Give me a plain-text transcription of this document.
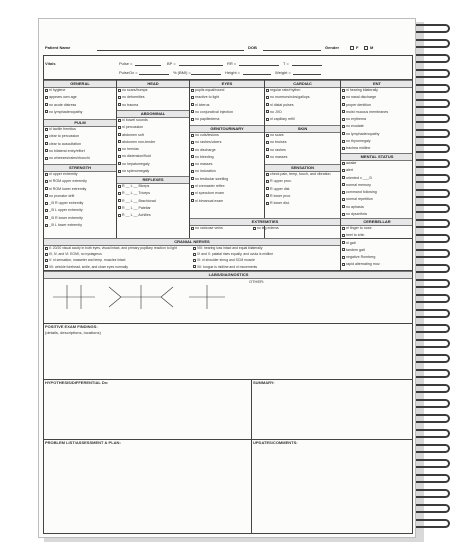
Patient Name	DOB	Gender	F	M
Vitals	Pulse =	BP =	RR =	T =
PulseOx =	% (BMI) =	Height =	Weight =
GENERAL
nl hygiene
appears own age
no acute distress
no lymphadenopathy
PULM
nl tactile fremitus
clear to percussion
clear to auscultation
no bilateral entry/effort
no wheezes/rales/rhonchi
STRENGTH
nl upper extremity
nl ROM upper extremity
nl ROM lower extremity
no pronator drift
_/5 R upper extremity
_/5 L upper extremity
_/5 R lower extremity
_/5 L lower extremity
HEAD
no scars/bumps
no deformities
no trauma
ABDOMINAL
nl bowel sounds
nl percussion
abdomen soft
abdomen non-tender
no hernias
no distension/fluid
no hepatomegaly
no splenomegaly
REFLEXES
R __ L __ Biceps
R __ L __ Triceps
R __ L __ Brachiorad
R __ L __ Patellar
R __ L __ Achilles
EYES
pupils equal/round
reactive to light
nl icterus
no conjunctival injection
no papilledema
GENITOURINARY
no cuts/lesions
no rashes/ulcers
no discharge
no bleeding
no masses
no induration
no testicular swelling
nl cremaster reflex
nl speculum exam
nl bimanual exam
EXTREMITIES
no varicose veins	no leg edema
CARDIAC
regular rate/rhythm
no murmurs/rubs/gallops
nl distal pulses
no JVD
nl capillary refill
SKIN
no scars
no bruises
no rashes
no masses
SENSATION
check pain, temp, touch, and vibration
R upper prox.
R upper dist.
R lower prox.
R lower dist.
ENT
nl hearing bilaterally
no nasal discharge
proper dentition
moist mucous membranes
no erythema
no exudate
no lymphadenopathy
no thyromegaly
trachea midline
MENTAL STATUS
awake
alert
oriented x ___/3
normal memory
command following
normal repetition
no aphasia
no dysarthria
CEREBELLAR
nl finger to nose
heel to shin
nl gait
tandem gait
negative Romberg
rapid alternating mov.
CRANIAL NERVES
II: 20/20 visual acuity in both eyes, visual intact, and primary pupillary reaction to light
III, IV, and VI: EOMI, no nystagmus
V: nl sensation, masseter and temp. muscles intact
VII: wrinkle forehead, smile, and close eyes normally
VIII: hearing loss intact and equal bilaterally
IX and X: palatal rises equally, and uvula is midline
XI: nl shoulder shrug and SCM muscle
XII: tongue is midline and nl movements
LABS/DIAGNOSTICS
OTHER:
POSITIVE EXAM FINDINGS:
(details, descriptions, locations)
HYPOTHESIS/DIFFERENTIAL Dx:	SUMMARY:
PROBLEM LIST/ASSESSMENT & PLAN:	UPDATES/COMMENTS:
